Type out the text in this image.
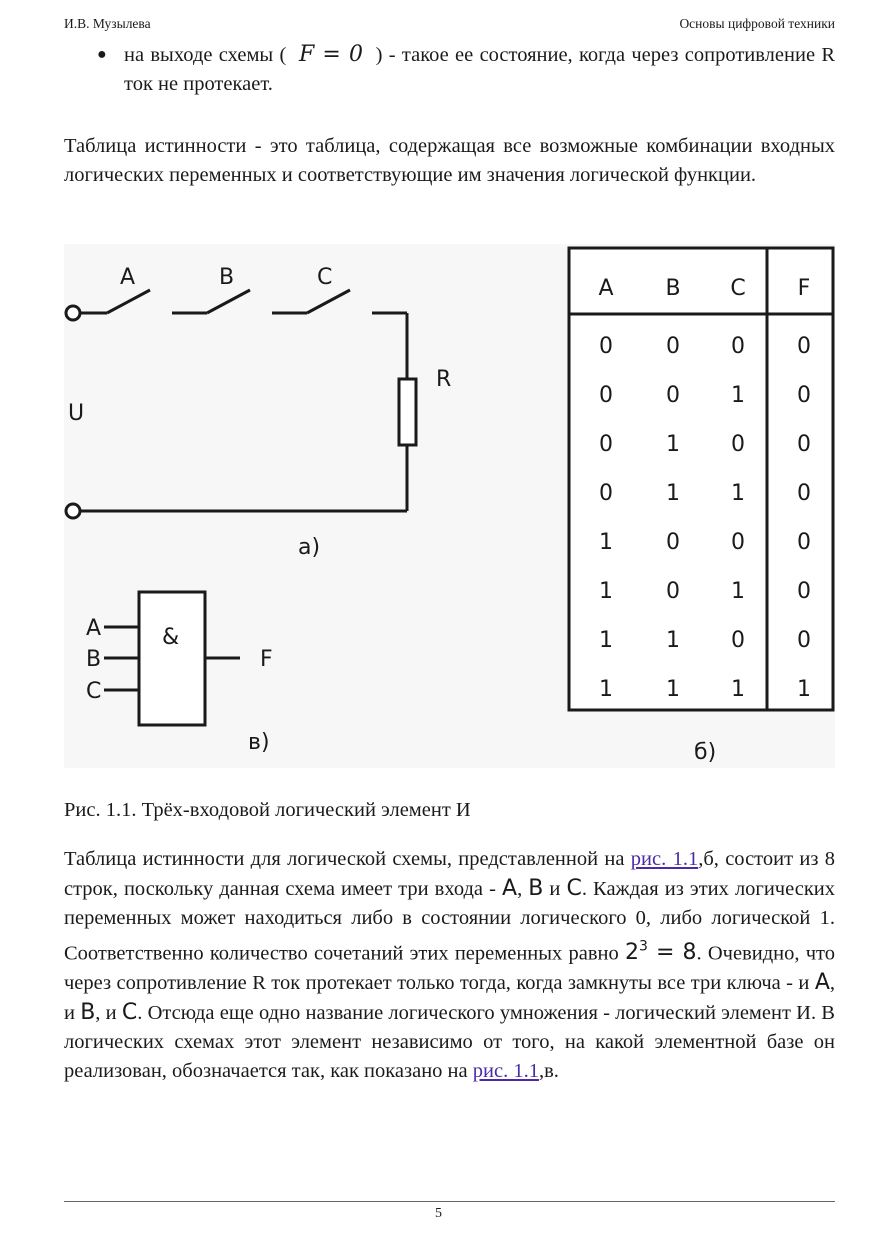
И.В. Музылева	Основы цифровой техники
● на выходе схемы ( F = 0 ) - такое ее состояние, когда через сопротивление R ток не протекает.
Таблица истинности - это таблица, содержащая все возможные комбинации входных логических переменных и соответствующие им значения логической функции.
A	B	C
R
U
а)
&
A
B
C
F
в)
A B C F
0 0 0 0
0 0 1 0
0 1 0 0
0 1 1 0
1 0 0 0
1 0 1 0
1 1 0 0
1 1 1 1
б)
Рис. 1.1. Трёх-входовой логический элемент И
Таблица истинности для логической схемы, представленной на рис. 1.1,б, состоит из 8 строк, поскольку данная схема имеет три входа - A, B и C. Каждая из этих логических переменных может находиться либо в состоянии логического 0, либо логической 1. Соответственно количество сочетаний этих переменных равно $2^3 = 8$. Очевидно, что через сопротивление R ток протекает только тогда, когда замкнуты все три ключа - и A, и B, и C. Отсюда еще одно название логического умножения - логический элемент И. В логических схемах этот элемент независимо от того, на какой элементной базе он реализован, обозначается так, как показано на рис. 1.1,в.
5
